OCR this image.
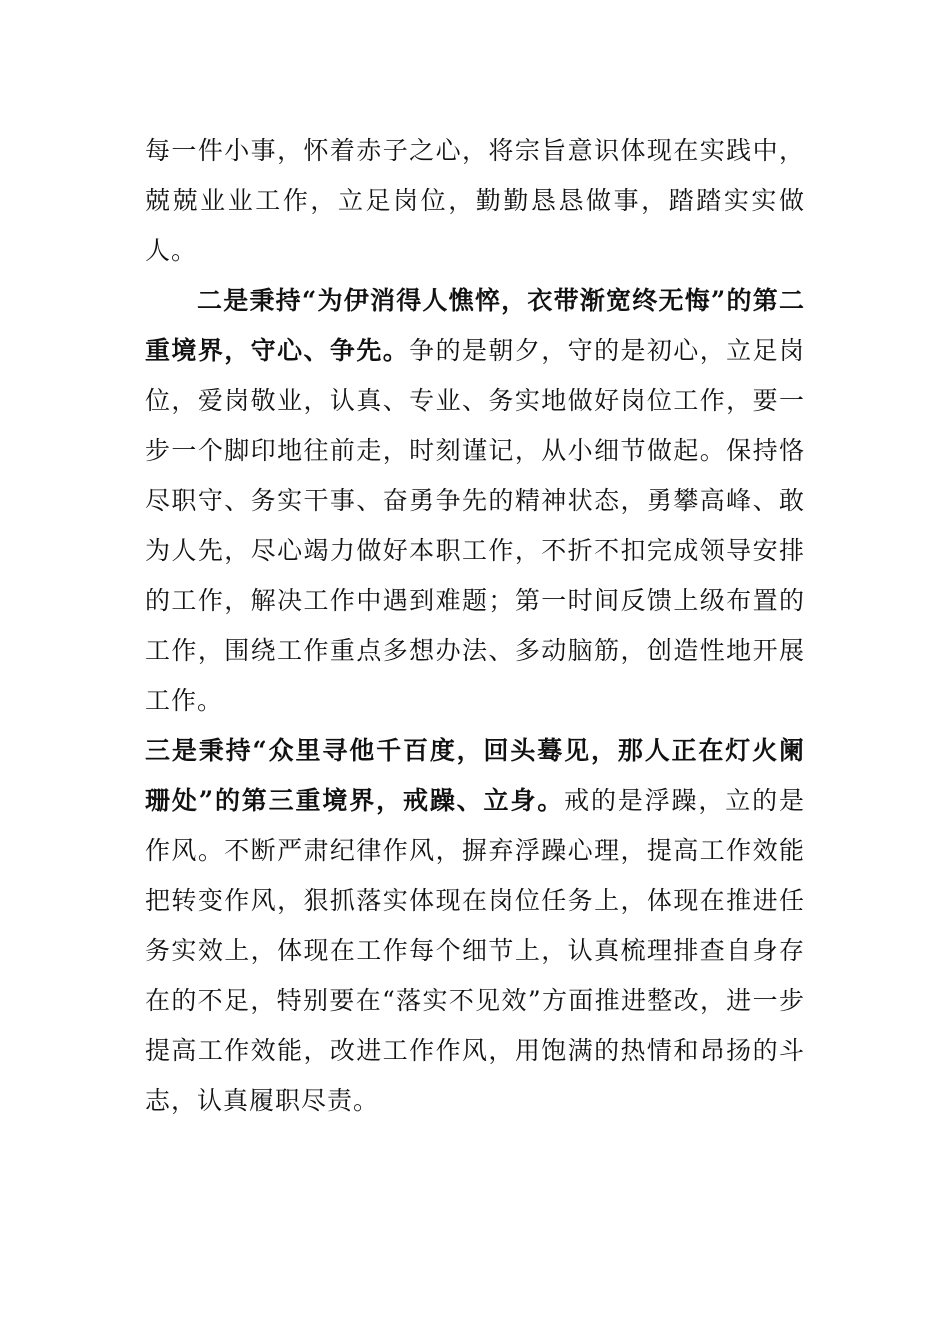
每一件小事，怀着赤子之心，将宗旨意识体现在实践中，兢兢业业工作，立足岗位，勤勤恳恳做事，踏踏实实做人。

二是秉持“为伊消得人憔悴，衣带渐宽终无悔”的第二重境界，守心、争先。争的是朝夕，守的是初心，立足岗位，爱岗敬业，认真、专业、务实地做好岗位工作，要一步一个脚印地往前走，时刻谨记，从小细节做起。保持恪尽职守、务实干事、奋勇争先的精神状态，勇攀高峰、敢为人先，尽心竭力做好本职工作，不折不扣完成领导安排的工作，解决工作中遇到难题；第一时间反馈上级布置的工作，围绕工作重点多想办法、多动脑筋，创造性地开展工作。

三是秉持“众里寻他千百度，回头蓦见，那人正在灯火阑珊处”的第三重境界，戒躁、立身。戒的是浮躁，立的是作风。不断严肃纪律作风，摒弃浮躁心理，提高工作效能把转变作风，狠抓落实体现在岗位任务上，体现在推进任务实效上，体现在工作每个细节上，认真梳理排查自身存在的不足，特别要在“落实不见效”方面推进整改，进一步提高工作效能，改进工作作风，用饱满的热情和昂扬的斗志，认真履职尽责。
